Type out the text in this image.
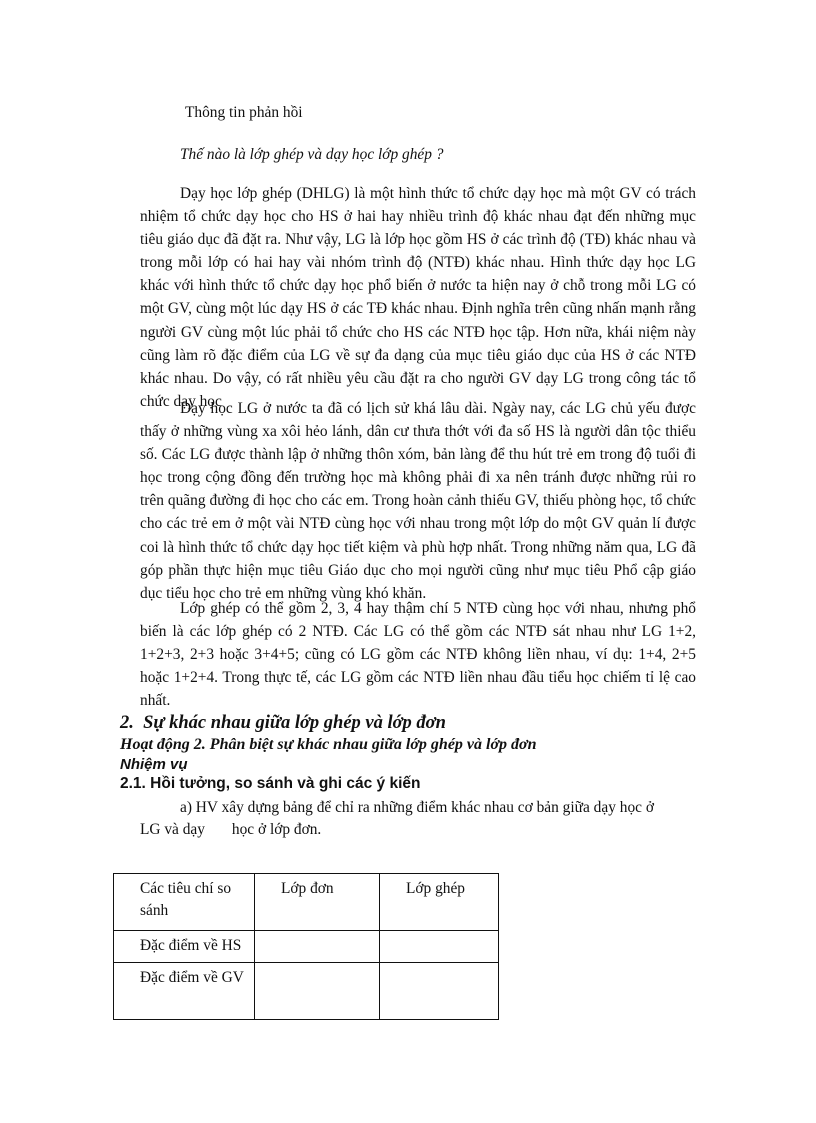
Thông tin phản hồi

Thế nào là lớp ghép và dạy học lớp ghép ?

Dạy học lớp ghép (DHLG) là một hình thức tổ chức dạy học mà một GV có trách nhiệm tổ chức dạy học cho HS ở hai hay nhiều trình độ khác nhau đạt đến những mục tiêu giáo dục đã đặt ra. Như vậy, LG là lớp học gồm HS ở các trình độ (TĐ) khác nhau và trong mỗi lớp có hai hay vài nhóm trình độ (NTĐ) khác nhau. Hình thức dạy học LG khác với hình thức tổ chức dạy học phổ biến ở nước ta hiện nay ở chỗ trong mỗi LG có một GV, cùng một lúc dạy HS ở các TĐ khác nhau. Định nghĩa trên cũng nhấn mạnh rằng người GV cùng một lúc phải tổ chức cho HS các NTĐ học tập. Hơn nữa, khái niệm này cũng làm rõ đặc điểm của LG về sự đa dạng của mục tiêu giáo dục của HS ở các NTĐ khác nhau. Do vậy, có rất nhiều yêu cầu đặt ra cho người GV dạy LG trong công tác tổ chức dạy học

Dạy học LG ở nước ta đã có lịch sử khá lâu dài. Ngày nay, các LG chủ yếu được thấy ở những vùng xa xôi hẻo lánh, dân cư thưa thớt với đa số HS là người dân tộc thiểu số. Các LG được thành lập ở những thôn xóm, bản làng để thu hút trẻ em trong độ tuổi đi học trong cộng đồng đến trường học mà không phải đi xa nên tránh được những rủi ro trên quãng đường đi học cho các em. Trong hoàn cảnh thiếu GV, thiếu phòng học, tổ chức cho các trẻ em ở một vài NTĐ cùng học với nhau trong một lớp do một GV quản lí được coi là hình thức tổ chức dạy học tiết kiệm và phù hợp nhất. Trong những năm qua, LG đã góp phần thực hiện mục tiêu Giáo dục cho mọi người cũng như mục tiêu Phổ cập giáo dục tiểu học cho trẻ em những vùng khó khăn.

Lớp ghép có thể gồm 2, 3, 4 hay thậm chí 5 NTĐ cùng học với nhau, nhưng phổ biến là các lớp ghép có 2 NTĐ. Các LG có thể gồm các NTĐ sát nhau như LG 1+2, 1+2+3, 2+3 hoặc 3+4+5; cũng có LG gồm các NTĐ không liền nhau, ví dụ: 1+4, 2+5 hoặc 1+2+4. Trong thực tế, các LG gồm các NTĐ liền nhau đầu tiểu học chiếm tỉ lệ cao nhất.

2.  Sự khác nhau giữa lớp ghép và lớp đơn

Hoạt động 2. Phân biệt sự khác nhau giữa lớp ghép và lớp đơn

Nhiệm vụ

2.1. Hồi tưởng, so sánh và ghi các ý kiến

a) HV xây dựng bảng để chỉ ra những điểm khác nhau cơ bản giữa dạy học ở

LG và dạy       học ở lớp đơn.

Các tiêu chí so sánh	Lớp đơn	Lớp ghép
Đặc điểm về HS		
Đặc điểm về GV		
